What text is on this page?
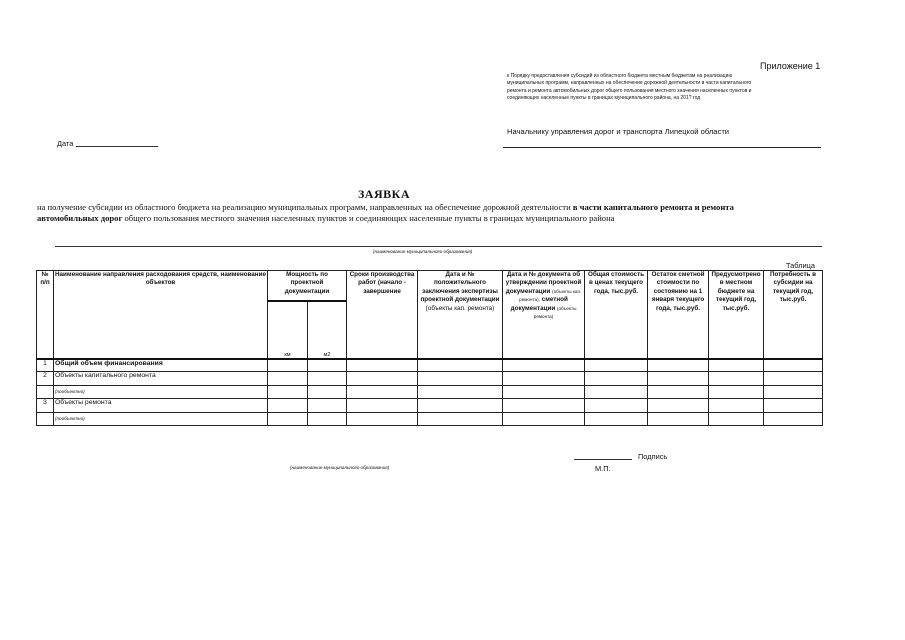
Приложение 1
к Порядку предоставления субсидий из областного бюджета местным бюджетам на реализацию
муниципальных программ, направленных на обеспечение дорожной деятельности в части капитального
ремонта и ремонта автомобильных дорог общего пользования местного значения населенных пунктов и
соединяющих населенные пункты в границах муниципального района, на 201? год
Начальнику управления дорог и транспорта Липецкой области
Дата
ЗАЯВКА
на получение субсидии из областного бюджета на реализацию муниципальных программ, направленных на обеспечение дорожной деятельности в части капитального ремонта и ремонта автомобильных дорог общего пользования местного значения населенных пунктов и соединяющих населенные пункты в границах муниципального района
(наименование муниципального образования)
Таблица
№ п/п	Наименование направления расходования средств, наименование объектов	Мощность по проектной документации		Сроки производства работ (начало - завершение	Дата и № положительного заключения экспертизы проектной документации (объекты кап. ремонта)	Дата и № документа об утверждении проектной документации (объекты кап. ремонта), сметной документации (объекты ремонта)	Общая стоимость в ценах текущего года, тыс.руб.	Остаток сметной стоимости по состоянию на 1 января текущего года, тыс.руб.	Предусмотрено в местном бюджете на текущий год, тыс.руб.	Потребность в субсидии на текущий год, тыс.руб.
		км	м2							
1	Общий объем финансирования									
2	Объекты капитального ремонта									
	(пообъектно)									
3	Объекты ремонта									
	(пообъектно)									
Подпись
М.П.
(наименование муниципального образования)
